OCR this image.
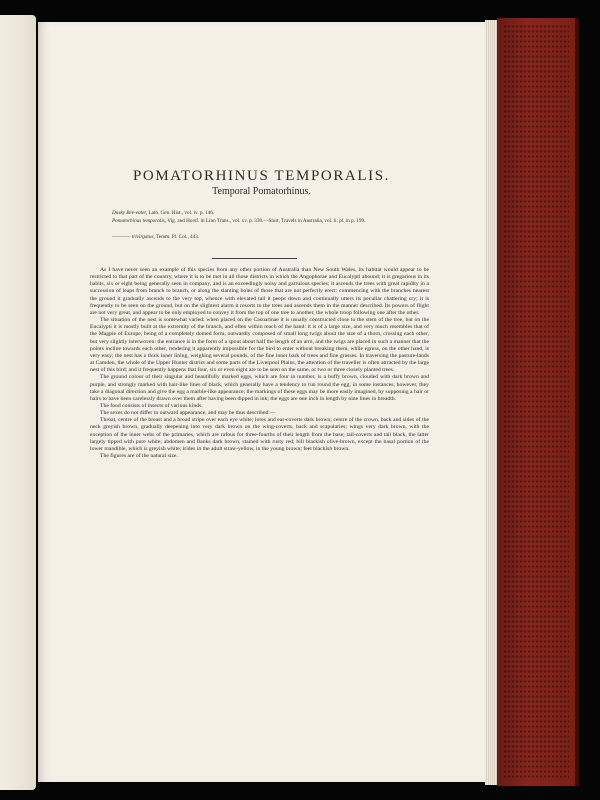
POMATORHINUS TEMPORALIS.
Temporal Pomatorhinus.
Dusky Bee-eater, Lath. Gen. Hist., vol. iv. p. 146.
Pomatorhinus temporalis, Vig. and Horsf. in Linn Trans., vol. xv. p. 330.—Sturt, Travels in Australia, vol. ii. pl. in p. 199.
———— trivirgatus, Temm. Pl. Col., 443.

As I have never seen an example of this species from any other portion of Australia than New South Wales, its habitat would appear to be restricted to that part of the country, where it is to be met in all those districts in which the Angophorae and Eucalypti abound; it is gregarious in its habits, six or eight being generally seen in company, and is an exceedingly noisy and garrulous species; it ascends the trees with great rapidity in a succession of leaps from branch to branch, or along the slanting boles of those that are not perfectly erect: commencing with the branches nearest the ground it gradually ascends to the very top, whence with elevated tail it peeps down and continually utters its peculiar chattering cry; it is frequently to be seen on the ground, but on the slightest alarm it resorts to the trees and ascends them in the manner described. Its powers of flight are not very great, and appear to be only employed to convey it from the top of one tree to another, the whole troop following one after the other.

The situation of the nest is somewhat varied; when placed on the Casuarinae it is usually constructed close to the stem of the tree, but on the Eucalypti it is mostly built at the extremity of the branch, and often within reach of the hand: it is of a large size, and very much resembles that of the Magpie of Europe, being of a completely domed form, outwardly composed of small long twigs about the size of a thorn, crossing each other, but very slightly interwoven: the entrance is in the form of a spout about half the length of an arm, and the twigs are placed in such a manner that the points incline towards each other, rendering it apparently impossible for the bird to enter without breaking them, while egress, on the other hand, is very easy; the nest has a thick inner lining, weighing several pounds, of the fine inner bark of trees and fine grasses. In traversing the pasture-lands at Camden, the whole of the Upper Hunter district and some parts of the Liverpool Plains, the attention of the traveller is often attracted by the large nest of this bird; and it frequently happens that four, six or even eight are to be seen on the same, or two or three closely planted trees.

The ground colour of their singular and beautifully marked eggs, which are four in number, is a buffy brown, clouded with dark brown and purple, and strongly marked with hair-like lines of black, which generally have a tendency to run round the egg; in some instances, however, they take a diagonal direction and give the egg a marble-like appearance; the markings of these eggs may be more easily imagined, by supposing a hair or hairs to have been carelessly drawn over them after having been dipped in ink; the eggs are one inch in length by nine lines in breadth.

The food consists of insects of various kinds.

The sexes do not differ in outward appearance, and may be thus described:—

Throat, centre of the breast and a broad stripe over each eye white; lores and ear-coverts dark brown; centre of the crown, back and sides of the neck greyish brown, gradually deepening into very dark brown on the wing-coverts, back and scapularies; wings very dark brown, with the exception of the inner webs of the primaries, which are rufous for three-fourths of their length from the base; tail-coverts and tail black, the latter largely tipped with pure white; abdomen and flanks dark brown, stained with rusty red; bill blackish olive-brown, except the basal portion of the lower mandible, which is greyish white; irides in the adult straw-yellow, in the young brown; feet blackish brown.

The figures are of the natural size.
